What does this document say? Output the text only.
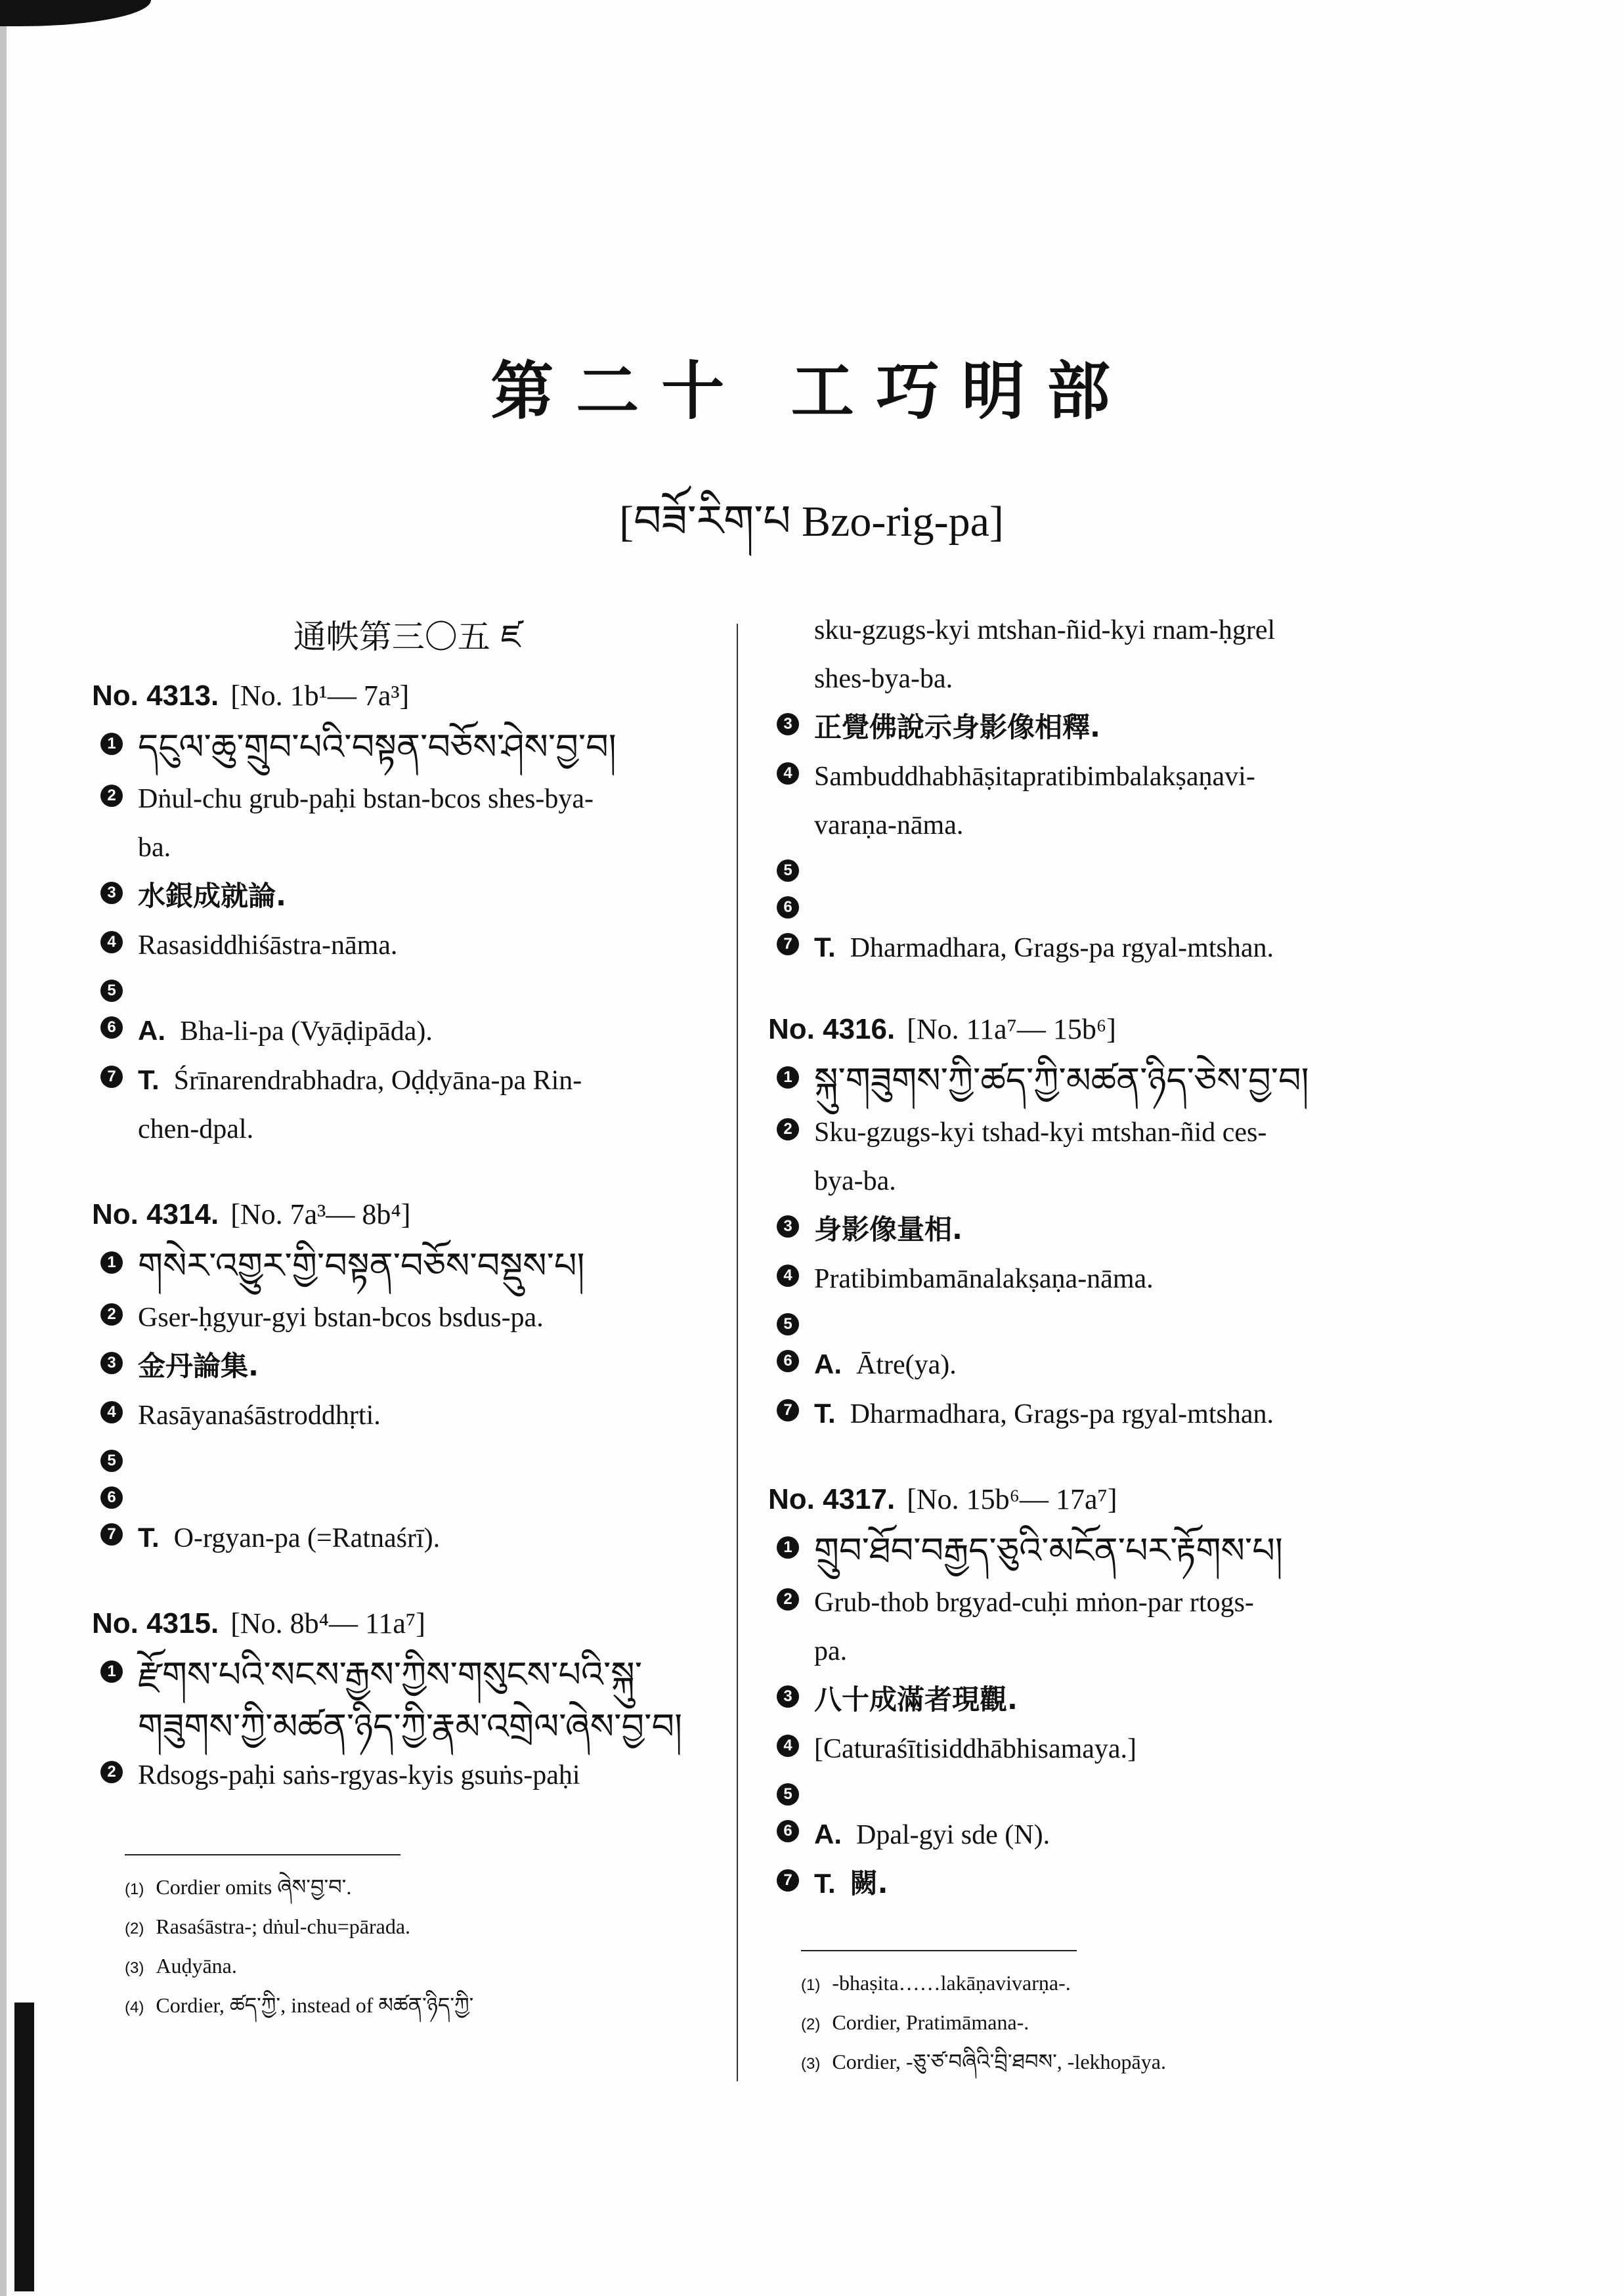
第二十 工巧明部
[བཟོ་རིག་པ Bzo-rig-pa]
通帙第三〇五 ཛ
No. 4313. [No. 1b¹— 7a³]
1 དངུལ་ཆུ་གྲུབ་པའི་བསྟན་བཅོས་ཤེས་བྱ་བ།
2 Dṅul-chu grub-paḥi bstan-bcos shes-bya-
ba.
3 水銀成就論.
4 Rasasiddhiśāstra-nāma.
5
6 A. Bha-li-pa (Vyāḍipāda).
7 T. Śrīnarendrabhadra, Oḍḍyāna-pa Rin-
chen-dpal.
No. 4314. [No. 7a³— 8b⁴]
1 གསེར་འགྱུར་གྱི་བསྟན་བཅོས་བསྡུས་པ།
2 Gser-ḥgyur-gyi bstan-bcos bsdus-pa.
3 金丹論集.
4 Rasāyanaśāstroddhṛti.
5
6
7 T. O-rgyan-pa (=Ratnaśrī).
No. 4315. [No. 8b⁴— 11a⁷]
1 རྫོགས་པའི་སངས་རྒྱས་ཀྱིས་གསུངས་པའི་སྐུ་
གཟུགས་ཀྱི་མཚན་ཉིད་ཀྱི་རྣམ་འགྲེལ་ཞེས་བྱ་བ།
2 Rdsogs-paḥi saṅs-rgyas-kyis gsuṅs-paḥi
(1) Cordier omits ཞེས་བྱ་བ་.
(2) Rasaśāstra-; dṅul-chu=pārada.
(3) Auḍyāna.
(4) Cordier, ཚད་ཀྱི་, instead of མཚན་ཉིད་ཀྱི་
sku-gzugs-kyi mtshan-ñid-kyi rnam-ḥgrel
shes-bya-ba.
3 正覺佛說示身影像相釋.
4 Sambuddhabhāṣitapratibimbalakṣaṇavi-
varaṇa-nāma.
5
6
7 T. Dharmadhara, Grags-pa rgyal-mtshan.
No. 4316. [No. 11a⁷— 15b⁶]
1 སྐུ་གཟུགས་ཀྱི་ཚད་ཀྱི་མཚན་ཉིད་ཅེས་བྱ་བ།
2 Sku-gzugs-kyi tshad-kyi mtshan-ñid ces-
bya-ba.
3 身影像量相.
4 Pratibimbamānalakṣaṇa-nāma.
5
6 A. Ātre(ya).
7 T. Dharmadhara, Grags-pa rgyal-mtshan.
No. 4317. [No. 15b⁶— 17a⁷]
1 གྲུབ་ཐོབ་བརྒྱད་ཅུའི་མངོན་པར་རྟོགས་པ།
2 Grub-thob brgyad-cuḥi mṅon-par rtogs-
pa.
3 八十成滿者現觀.
4 [Caturaśītisiddhābhisamaya.]
5
6 A. Dpal-gyi sde (N).
7 T. 闕.
(1) -bhaṣita……lakāṇavivarṇa-.
(2) Cordier, Pratimāmana-.
(3) Cordier, -ཅུ་ཙ་བཞིའི་བྲི་ཐབས་, -lekhopāya.
